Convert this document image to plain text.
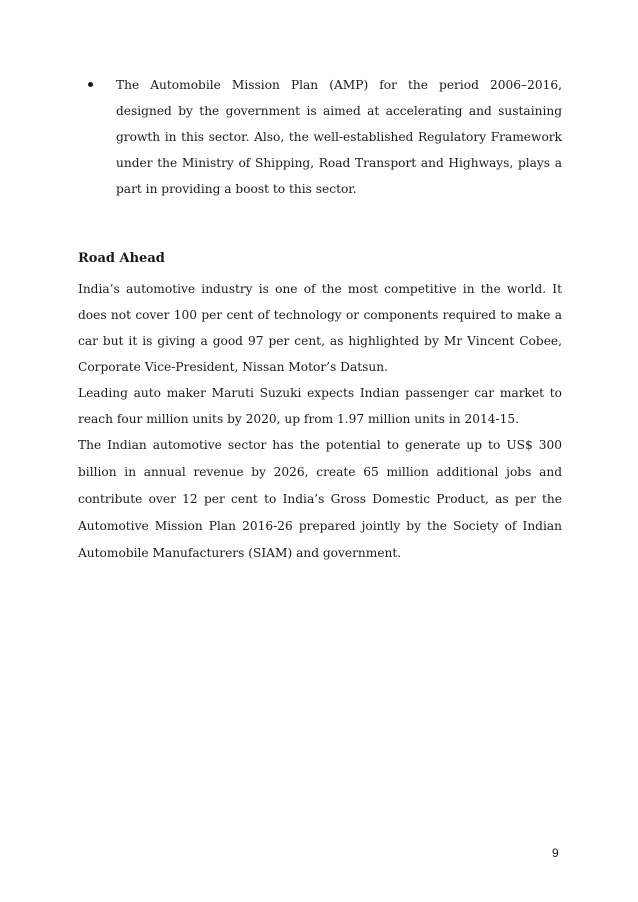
The Automobile Mission Plan (AMP) for the period 2006–2016, designed by the government is aimed at accelerating and sustaining growth in this sector. Also, the well-established Regulatory Framework under the Ministry of Shipping, Road Transport and Highways, plays a part in providing a boost to this sector.
Road Ahead

India’s automotive industry is one of the most competitive in the world. It does not cover 100 per cent of technology or components required to make a car but it is giving a good 97 per cent, as highlighted by Mr Vincent Cobee, Corporate Vice-President, Nissan Motor’s Datsun.

Leading auto maker Maruti Suzuki expects Indian passenger car market to reach four million units by 2020, up from 1.97 million units in 2014-15.

The Indian automotive sector has the potential to generate up to US$ 300 billion in annual revenue by 2026, create 65 million additional jobs and contribute over 12 per cent to India’s Gross Domestic Product, as per the Automotive Mission Plan 2016-26 prepared jointly by the Society of Indian Automobile Manufacturers (SIAM) and government.

9
